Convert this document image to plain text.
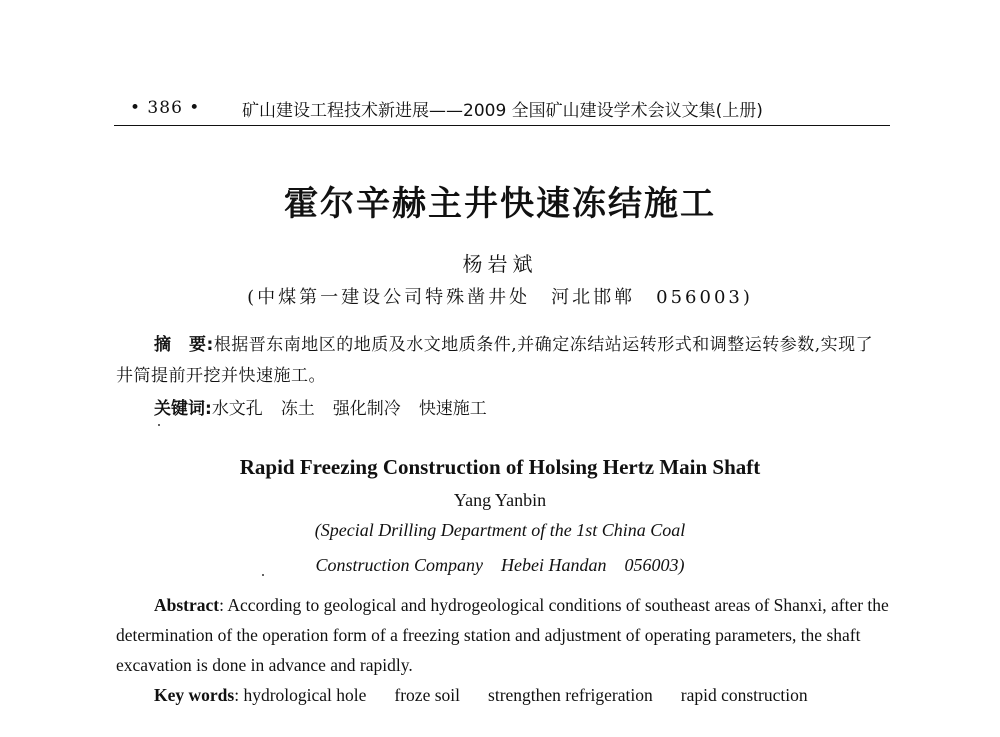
• 386 • 矿山建设工程技术新进展——2009 全国矿山建设学术会议文集(上册)
霍尔辛赫主井快速冻结施工
杨岩斌
(中煤第一建设公司特殊凿井处　河北邯郸　056003)
摘　要:根据晋东南地区的地质及水文地质条件,并确定冻结站运转形式和调整运转参数,实现了井筒提前开挖并快速施工。
关键词:水文孔 冻土 强化制冷 快速施工
Rapid Freezing Construction of Holsing Hertz Main Shaft
Yang Yanbin
(Special Drilling Department of the 1st China Coal
Construction Company　Hebei Handan　056003)
Abstract: According to geological and hydrogeological conditions of southeast areas of Shanxi, after the determination of the operation form of a freezing station and adjustment of operating parameters, the shaft excavation is done in advance and rapidly.
Key words: hydrological hole froze soil strengthen refrigeration rapid construction
